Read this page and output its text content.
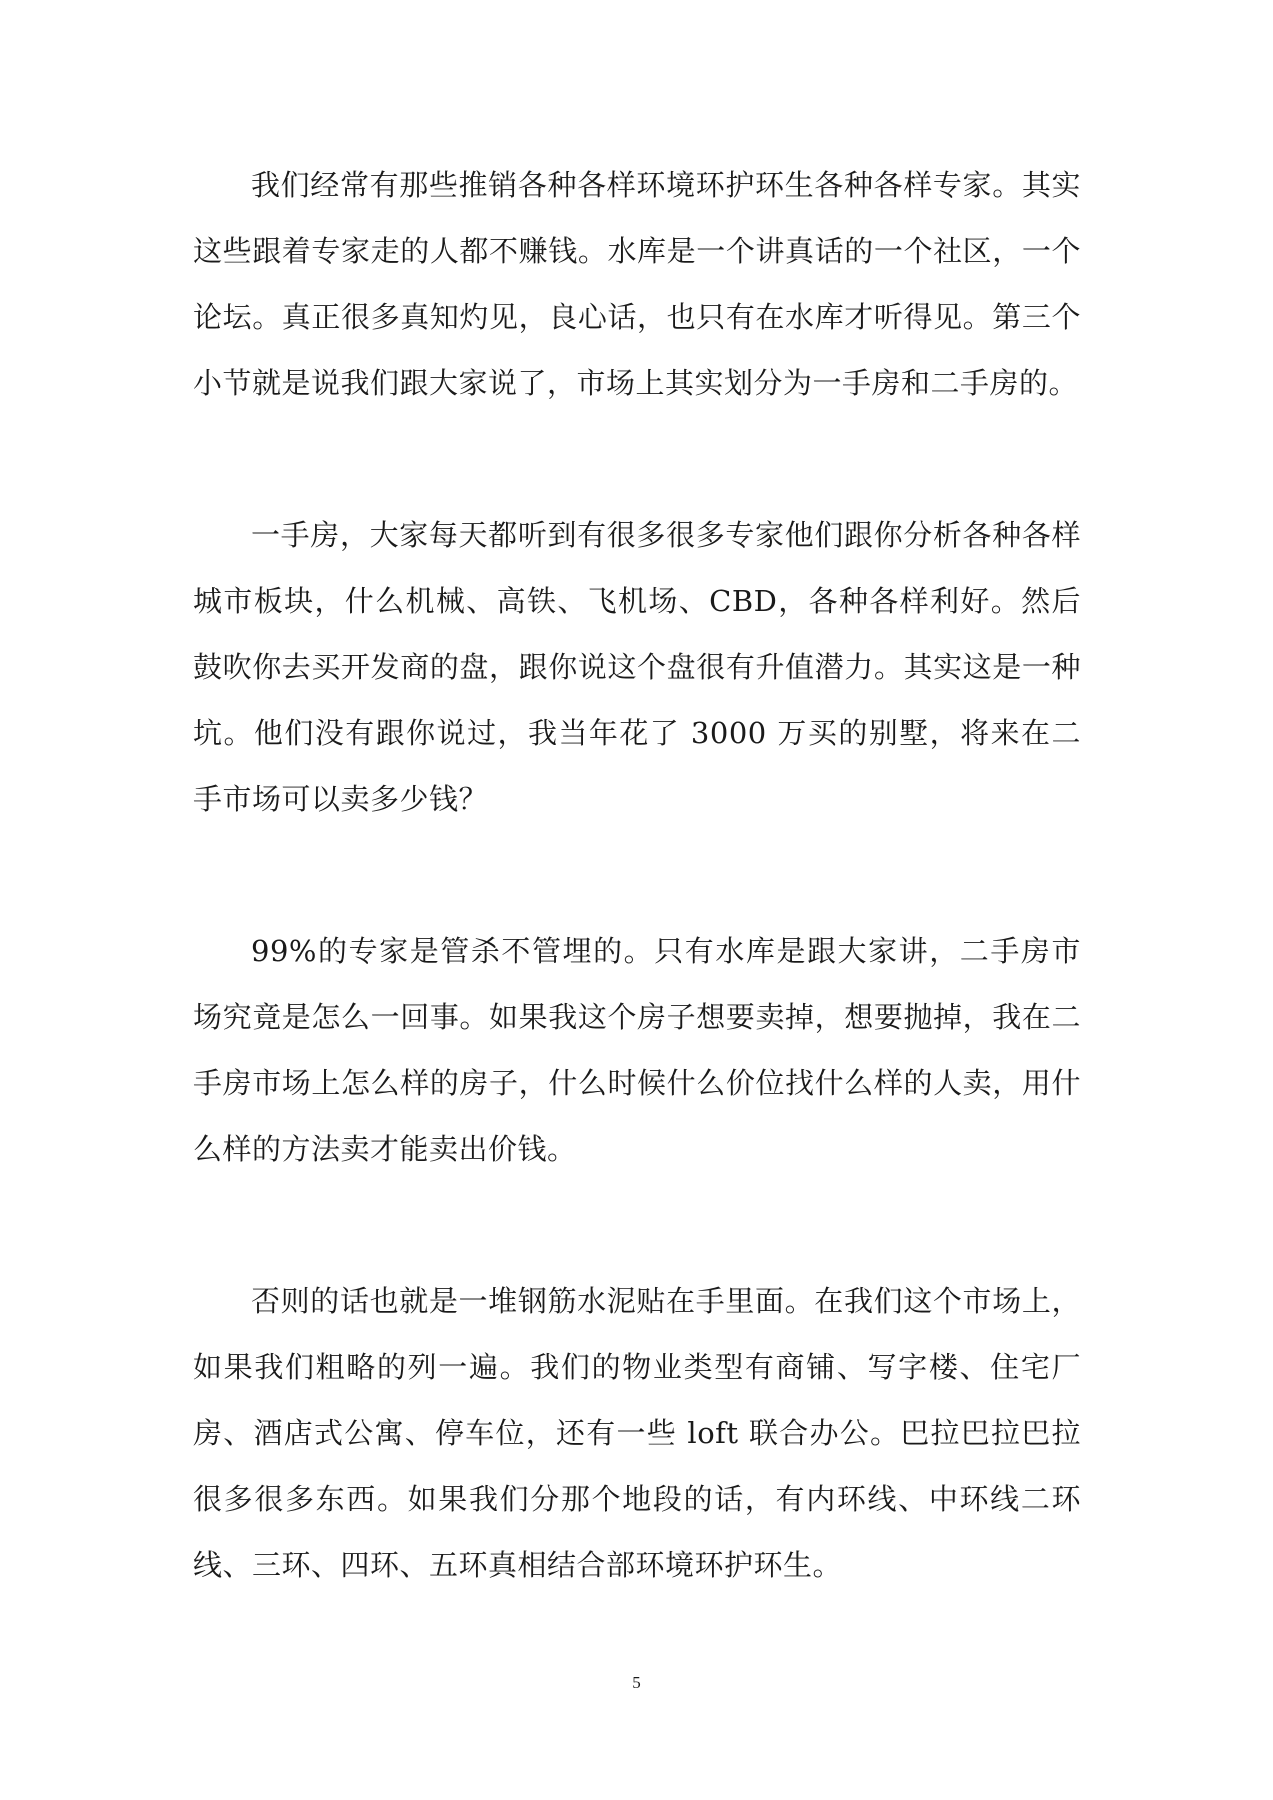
我们经常有那些推销各种各样环境环护环生各种各样专家。其实这些跟着专家走的人都不赚钱。水库是一个讲真话的一个社区，一个论坛。真正很多真知灼见，良心话，也只有在水库才听得见。第三个小节就是说我们跟大家说了，市场上其实划分为一手房和二手房的。

一手房，大家每天都听到有很多很多专家他们跟你分析各种各样城市板块，什么机械、高铁、飞机场、CBD，各种各样利好。然后鼓吹你去买开发商的盘，跟你说这个盘很有升值潜力。其实这是一种坑。他们没有跟你说过，我当年花了 3000 万买的别墅，将来在二手市场可以卖多少钱？

99%的专家是管杀不管埋的。只有水库是跟大家讲，二手房市场究竟是怎么一回事。如果我这个房子想要卖掉，想要抛掉，我在二手房市场上怎么样的房子，什么时候什么价位找什么样的人卖，用什么样的方法卖才能卖出价钱。

否则的话也就是一堆钢筋水泥贴在手里面。在我们这个市场上，如果我们粗略的列一遍。我们的物业类型有商铺、写字楼、住宅厂房、酒店式公寓、停车位，还有一些 loft 联合办公。巴拉巴拉巴拉很多很多东西。如果我们分那个地段的话，有内环线、中环线二环线、三环、四环、五环真相结合部环境环护环生。

5
